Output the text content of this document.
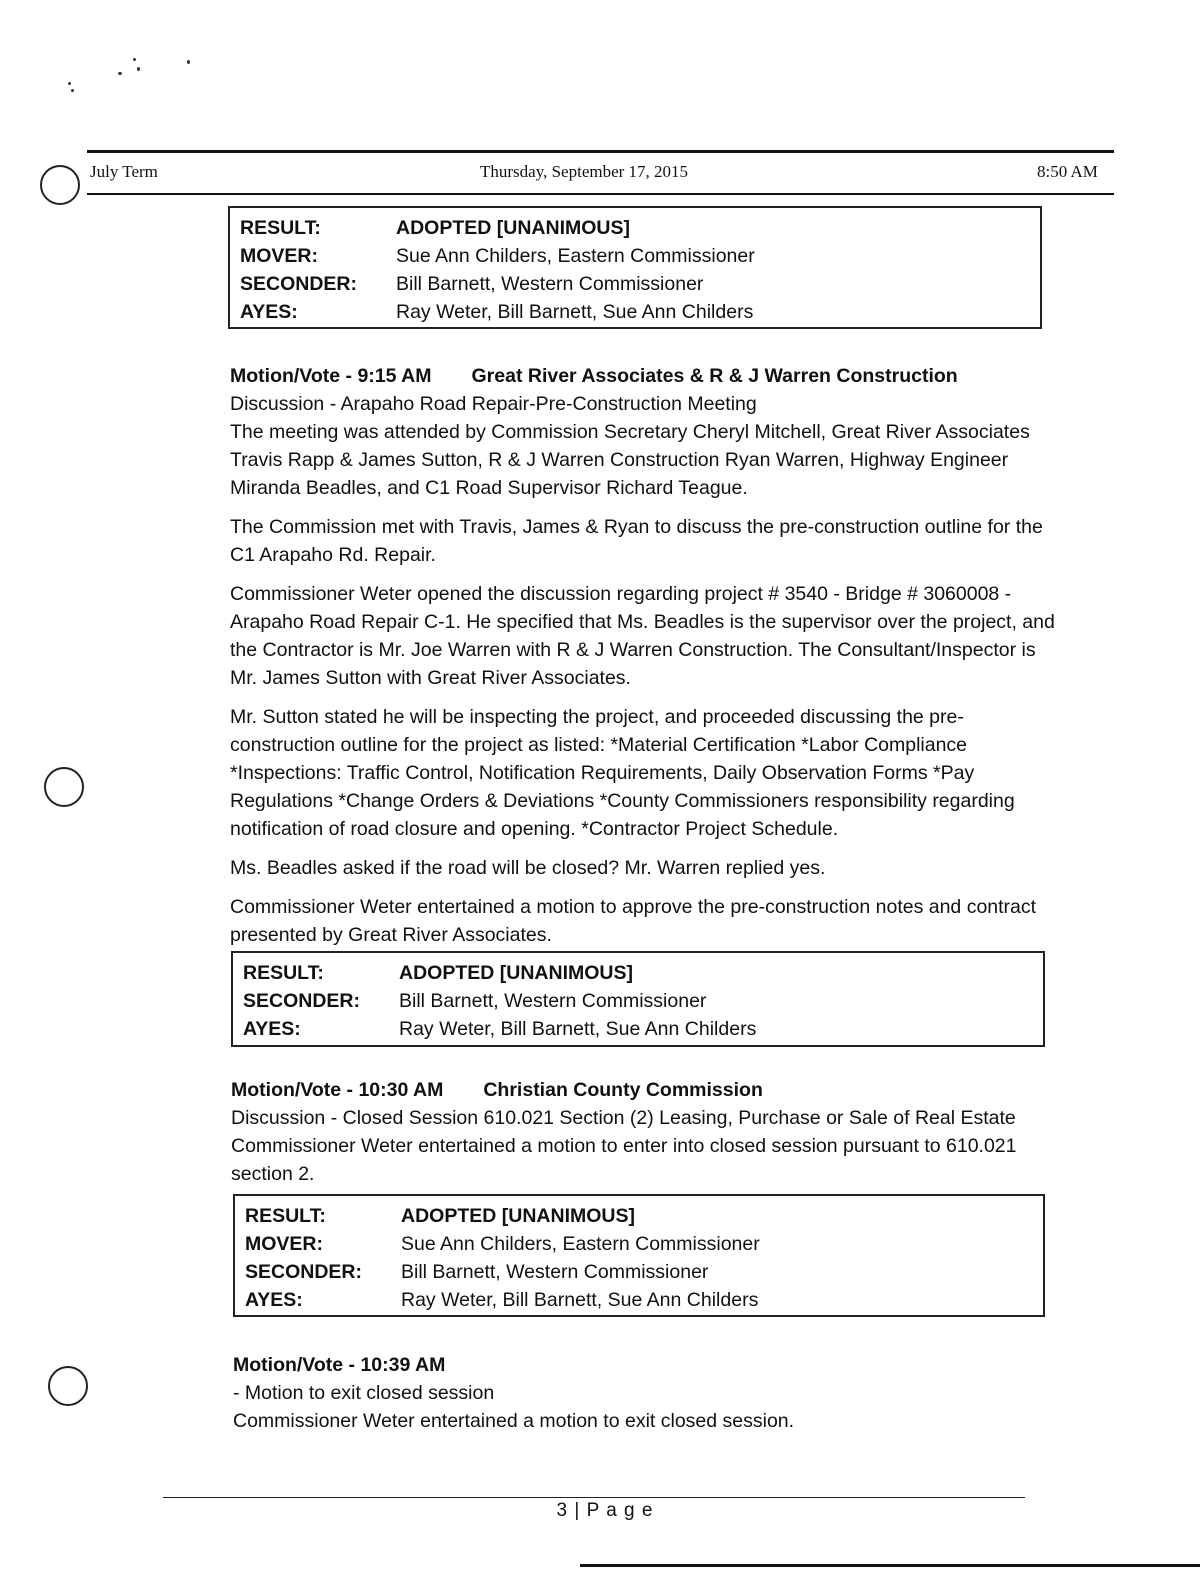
July Term	Thursday, September 17, 2015	8:50 AM
RESULT:	ADOPTED [UNANIMOUS]
MOVER:	Sue Ann Childers, Eastern Commissioner
SECONDER:	Bill Barnett, Western Commissioner
AYES:	Ray Weter, Bill Barnett, Sue Ann Childers

Motion/Vote - 9:15 AM Great River Associates & R & J Warren Construction

Discussion - Arapaho Road Repair-Pre-Construction Meeting

The meeting was attended by Commission Secretary Cheryl Mitchell, Great River Associates Travis Rapp & James Sutton, R & J Warren Construction Ryan Warren, Highway Engineer Miranda Beadles, and C1 Road Supervisor Richard Teague.

The Commission met with Travis, James & Ryan to discuss the pre-construction outline for the C1 Arapaho Rd. Repair.

Commissioner Weter opened the discussion regarding project # 3540 - Bridge # 3060008 - Arapaho Road Repair C-1. He specified that Ms. Beadles is the supervisor over the project, and the Contractor is Mr. Joe Warren with R & J Warren Construction. The Consultant/Inspector is Mr. James Sutton with Great River Associates.

Mr. Sutton stated he will be inspecting the project, and proceeded discussing the pre-construction outline for the project as listed: *Material Certification *Labor Compliance *Inspections: Traffic Control, Notification Requirements, Daily Observation Forms *Pay Regulations *Change Orders & Deviations *County Commissioners responsibility regarding notification of road closure and opening. *Contractor Project Schedule.

Ms. Beadles asked if the road will be closed? Mr. Warren replied yes.

Commissioner Weter entertained a motion to approve the pre-construction notes and contract presented by Great River Associates.

RESULT:	ADOPTED [UNANIMOUS]
SECONDER:	Bill Barnett, Western Commissioner
AYES:	Ray Weter, Bill Barnett, Sue Ann Childers

Motion/Vote - 10:30 AM Christian County Commission

Discussion - Closed Session 610.021 Section (2) Leasing, Purchase or Sale of Real Estate

Commissioner Weter entertained a motion to enter into closed session pursuant to 610.021 section 2.

RESULT:	ADOPTED [UNANIMOUS]
MOVER:	Sue Ann Childers, Eastern Commissioner
SECONDER:	Bill Barnett, Western Commissioner
AYES:	Ray Weter, Bill Barnett, Sue Ann Childers

Motion/Vote - 10:39 AM

- Motion to exit closed session

Commissioner Weter entertained a motion to exit closed session.

3 | P a g e
